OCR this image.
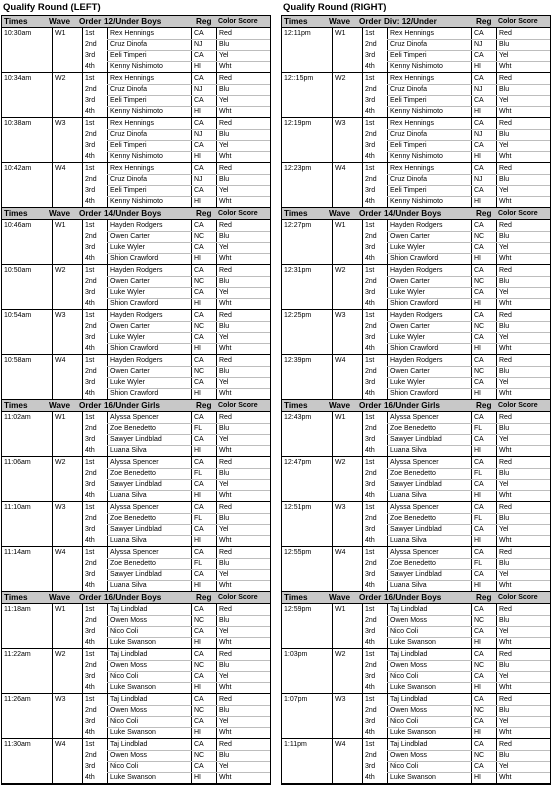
Qualify Round (LEFT)
Times	Wave Order 12/Under Boys	Reg Color Score
10:30am	W1	1st Rex Hennings	CA Red
2nd Cruz Dinofa	NJ Blu
3rd Eeli Timperi	CA Yel
4th Kenny Nishimoto	HI	Wht
10:34am	W2	1st Rex Hennings	CA Red
2nd Cruz Dinofa	NJ Blu
3rd Eeli Timperi	CA Yel
4th Kenny Nishimoto	HI	Wht
10:38am	W3	1st Rex Hennings	CA Red
2nd Cruz Dinofa	NJ Blu
3rd Eeli Timperi	CA Yel
4th Kenny Nishimoto	HI	Wht
10:42am	W4	1st Rex Hennings	CA Red
2nd Cruz Dinofa	NJ Blu
3rd Eeli Timperi	CA Yel
4th Kenny Nishimoto	HI	Wht
Times	Wave Order 14/Under Boys	Reg Color Score
10:46am	W1	1st Hayden Rodgers	CA Red
2nd Owen Carter	NC Blu
3rd Luke Wyler	CA Yel
4th Shion Crawford	HI	Wht
10:50am	W2	1st Hayden Rodgers	CA Red
2nd Owen Carter	NC Blu
3rd Luke Wyler	CA Yel
4th Shion Crawford	HI	Wht
10:54am	W3	1st Hayden Rodgers	CA Red
2nd Owen Carter	NC Blu
3rd Luke Wyler	CA Yel
4th Shion Crawford	HI	Wht
10:58am	W4	1st Hayden Rodgers	CA Red
2nd Owen Carter	NC Blu
3rd Luke Wyler	CA Yel
4th Shion Crawford	HI	Wht
Times	Wave Order 16/Under Girls	Reg Color Score
11:02am	W1	1st Alyssa Spencer	CA Red
2nd Zoe Benedetto	FL Blu
3rd Sawyer Lindblad	CA Yel
4th Luana Silva	HI	Wht
11:06am	W2	1st Alyssa Spencer	CA Red
2nd Zoe Benedetto	FL Blu
3rd Sawyer Lindblad	CA Yel
4th Luana Silva	HI	Wht
11:10am	W3	1st Alyssa Spencer	CA Red
2nd Zoe Benedetto	FL Blu
3rd Sawyer Lindblad	CA Yel
4th Luana Silva	HI	Wht
11:14am	W4	1st Alyssa Spencer	CA Red
2nd Zoe Benedetto	FL Blu
3rd Sawyer Lindblad	CA Yel
4th Luana Silva	HI	Wht
Times	Wave Order 16/Under Boys	Reg Color Score
11:18am	W1	1st Taj Lindblad	CA Red
2nd Owen Moss	NC Blu
3rd Nico Coli	CA Yel
4th Luke Swanson	HI	Wht
11:22am	W2	1st Taj Lindblad	CA Red
2nd Owen Moss	NC Blu
3rd Nico Coli	CA Yel
4th Luke Swanson	HI	Wht
11:26am	W3	1st Taj Lindblad	CA Red
2nd Owen Moss	NC Blu
3rd Nico Coli	CA Yel
4th Luke Swanson	HI	Wht
11:30am	W4	1st Taj Lindblad	CA Red
2nd Owen Moss	NC Blu
3rd Nico Coli	CA Yel
4th Luke Swanson	HI	Wht
Qualify Round (RIGHT)
Times	Wave Order Div: 12/Under	Reg Color Score
12:11pm	W1	1st Rex Hennings	CA Red
2nd Cruz Dinofa	NJ Blu
3rd Eeli Timperi	CA Yel
4th Kenny Nishimoto	HI	Wht
12::15pm	W2	1st Rex Hennings	CA Red
2nd Cruz Dinofa	NJ Blu
3rd Eeli Timperi	CA Yel
4th Kenny Nishimoto	HI	Wht
12:19pm	W3	1st Rex Hennings	CA Red
2nd Cruz Dinofa	NJ Blu
3rd Eeli Timperi	CA Yel
4th Kenny Nishimoto	HI	Wht
12:23pm	W4	1st Rex Hennings	CA Red
2nd Cruz Dinofa	NJ Blu
3rd Eeli Timperi	CA Yel
4th Kenny Nishimoto	HI	Wht
Times	Wave Order 14/Under Boys	Reg Color Score
12:27pm	W1	1st Hayden Rodgers	CA Red
2nd Owen Carter	NC Blu
3rd Luke Wyler	CA Yel
4th Shion Crawford	HI	Wht
12:31pm	W2	1st Hayden Rodgers	CA Red
2nd Owen Carter	NC Blu
3rd Luke Wyler	CA Yel
4th Shion Crawford	HI	Wht
12:25pm	W3	1st Hayden Rodgers	CA Red
2nd Owen Carter	NC Blu
3rd Luke Wyler	CA Yel
4th Shion Crawford	HI	Wht
12:39pm	W4	1st Hayden Rodgers	CA Red
2nd Owen Carter	NC Blu
3rd Luke Wyler	CA Yel
4th Shion Crawford	HI	Wht
Times	Wave Order 16/Under Girls	Reg Color Score
12:43pm	W1	1st Alyssa Spencer	CA Red
2nd Zoe Benedetto	FL Blu
3rd Sawyer Lindblad	CA Yel
4th Luana Silva	HI	Wht
12:47pm	W2	1st Alyssa Spencer	CA Red
2nd Zoe Benedetto	FL Blu
3rd Sawyer Lindblad	CA Yel
4th Luana Silva	HI	Wht
12:51pm	W3	1st Alyssa Spencer	CA Red
2nd Zoe Benedetto	FL Blu
3rd Sawyer Lindblad	CA Yel
4th Luana Silva	HI	Wht
12:55pm	W4	1st Alyssa Spencer	CA Red
2nd Zoe Benedetto	FL Blu
3rd Sawyer Lindblad	CA Yel
4th Luana Silva	HI	Wht
Times	Wave Order 16/Under Boys	Reg Color Score
12:59pm	W1	1st Taj Lindblad	CA Red
2nd Owen Moss	NC Blu
3rd Nico Coli	CA Yel
4th Luke Swanson	HI	Wht
1:03pm	W2	1st Taj Lindblad	CA Red
2nd Owen Moss	NC Blu
3rd Nico Coli	CA Yel
4th Luke Swanson	HI	Wht
1:07pm	W3	1st Taj Lindblad	CA Red
2nd Owen Moss	NC Blu
3rd Nico Coli	CA Yel
4th Luke Swanson	HI	Wht
1:11pm	W4	1st Taj Lindblad	CA Red
2nd Owen Moss	NC Blu
3rd Nico Coli	CA Yel
4th Luke Swanson	HI	Wht
